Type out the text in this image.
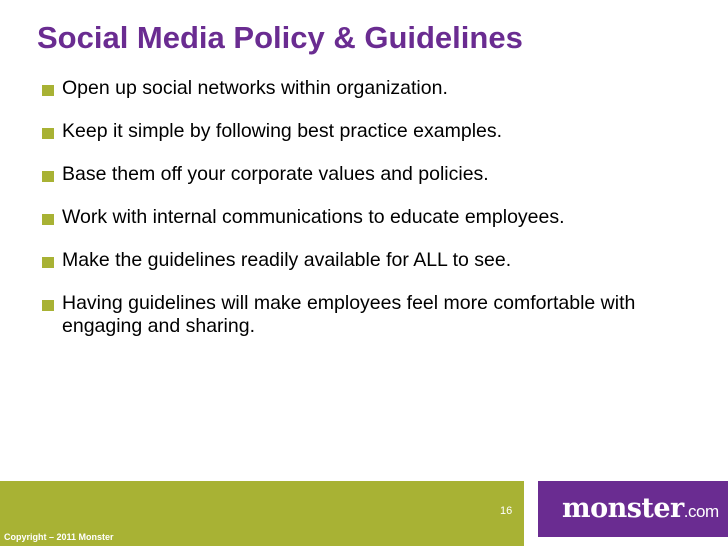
Social Media Policy & Guidelines
Open up social networks within organization.
Keep it simple by following best practice examples.
Base them off your corporate values and policies.
Work with internal communications to educate employees.
Make the guidelines readily available for ALL to see.
Having guidelines will make employees feel more comfortable with engaging and sharing.
16
Copyright – 2011 Monster
monster.com
